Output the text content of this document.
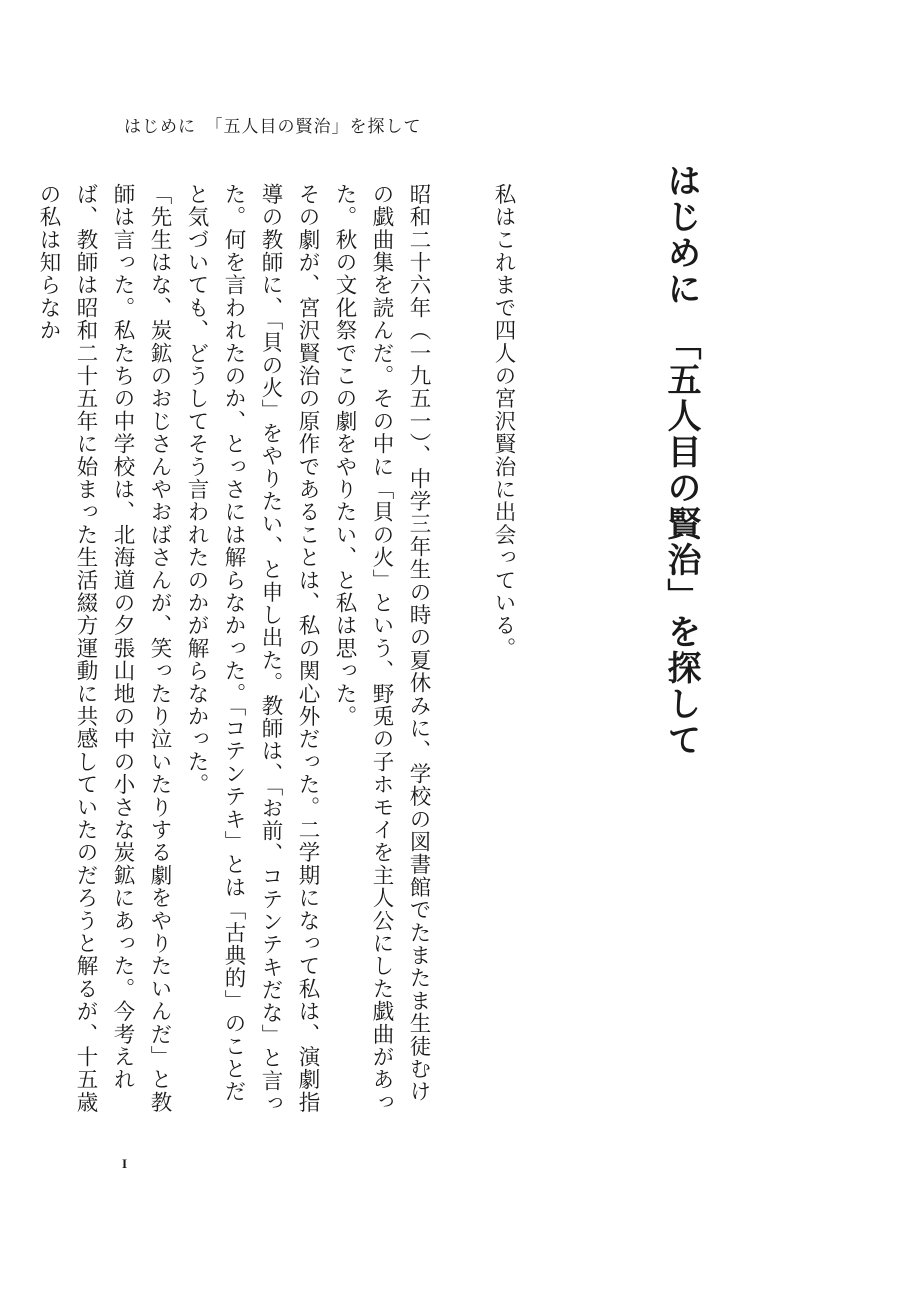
はじめに　「五人目の賢治」を探して
はじめに　「五人目の賢治」を探して

私はこれまで四人の宮沢賢治に出会っている。

昭和二十六年（一九五一）、中学三年生の時の夏休みに、学校の図書館でたまたま生徒むけの戯曲集を読んだ。その中に「貝の火」という、野兎の子ホモイを主人公にした戯曲があった。秋の文化祭でこの劇をやりたい、と私は思った。

その劇が、宮沢賢治の原作であることは、私の関心外だった。二学期になって私は、演劇指導の教師に、「貝の火」をやりたい、と申し出た。教師は、「お前、コテンテキだな」と言った。何を言われたのか、とっさには解らなかった。「コテンテキ」とは「古典的」のことだと気づいても、どうしてそう言われたのかが解らなかった。

「先生はな、炭鉱のおじさんやおばさんが、笑ったり泣いたりする劇をやりたいんだ」と教師は言った。私たちの中学校は、北海道の夕張山地の中の小さな炭鉱にあった。今考えれば、教師は昭和二十五年に始まった生活綴方運動に共感していたのだろうと解るが、十五歳の私は知らなか

I
